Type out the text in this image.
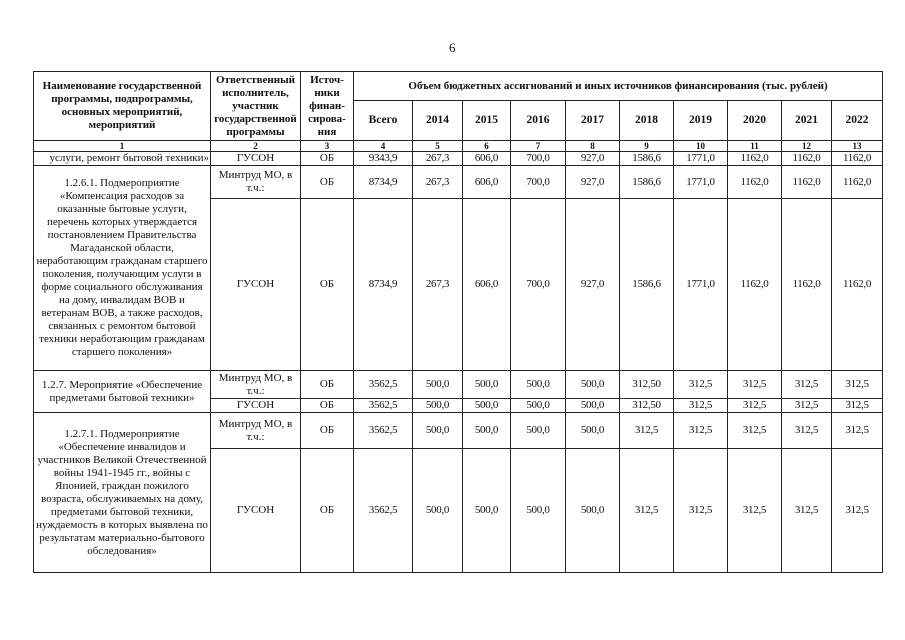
6
Наименование государственной программы, подпрограммы, основных мероприятий, мероприятий	Ответственный исполнитель, участник государственной программы	Источ-ники финан-сирова-ния	Объем бюджетных ассигнований и иных источников финансирования (тыс. рублей)									
			Всего	2014	2015	2016	2017	2018	2019	2020	2021	2022
1	2	3	4	5	6	7	8	9	10	11	12	13
услуги, ремонт бытовой техники»	ГУСОН	ОБ	9343,9	267,3	606,0	700,0	927,0	1586,6	1771,0	1162,0	1162,0	1162,0
1.2.6.1. Подмероприятие «Компенсация расходов за оказанные бытовые услуги, перечень которых утверждается постановлением Правительства Магаданской области, неработающим гражданам старшего поколения, получающим услуги в форме социального обслуживания на дому, инвалидам ВОВ и ветеранам ВОВ, а также расходов, связанных с ремонтом бытовой техники неработающим гражданам старшего поколения»	Минтруд МО, в т.ч.:	ОБ	8734,9	267,3	606,0	700,0	927,0	1586,6	1771,0	1162,0	1162,0	1162,0
	ГУСОН	ОБ	8734,9	267,3	606,0	700,0	927,0	1586,6	1771,0	1162,0	1162,0	1162,0
1.2.7. Мероприятие «Обеспечение предметами бытовой техники»	Минтруд МО, в т.ч.:	ОБ	3562,5	500,0	500,0	500,0	500,0	312,50	312,5	312,5	312,5	312,5
	ГУСОН	ОБ	3562,5	500,0	500,0	500,0	500,0	312,50	312,5	312,5	312,5	312,5
1.2.7.1. Подмероприятие «Обеспечение инвалидов и участников Великой Отечественной войны 1941-1945 гг., войны с Японией, граждан пожилого возраста, обслуживаемых на дому, предметами бытовой техники, нуждаемость в которых выявлена по результатам материально-бытового обследования»	Минтруд МО, в т.ч.:	ОБ	3562,5	500,0	500,0	500,0	500,0	312,5	312,5	312,5	312,5	312,5
	ГУСОН	ОБ	3562,5	500,0	500,0	500,0	500,0	312,5	312,5	312,5	312,5	312,5
